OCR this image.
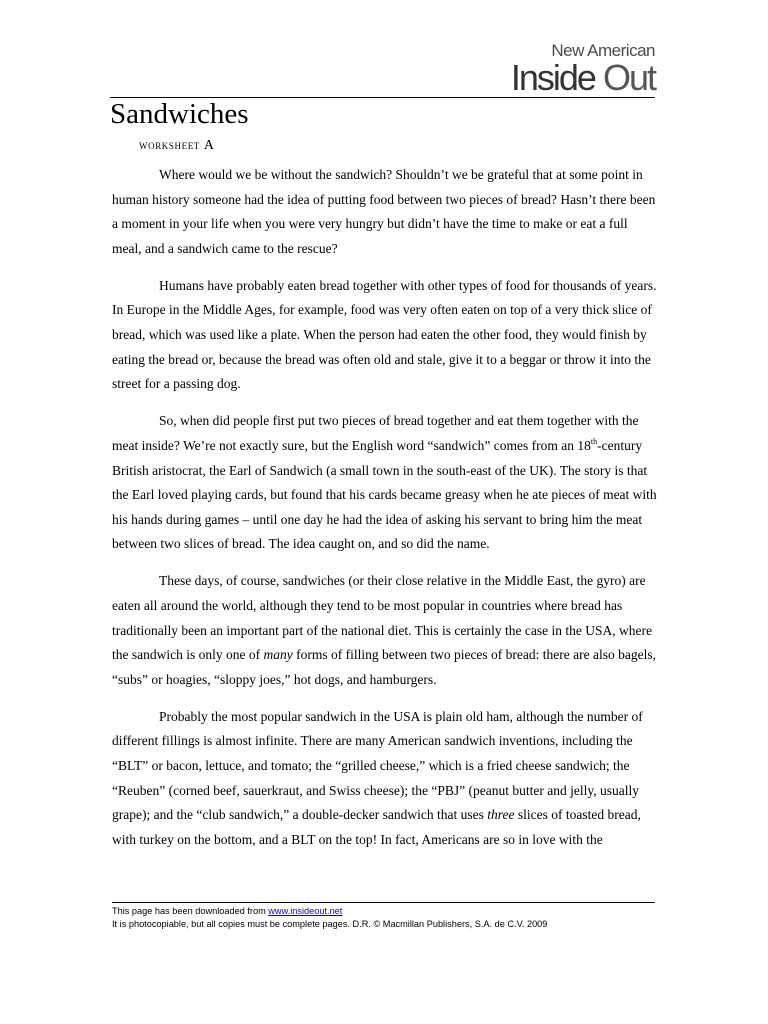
New American
Inside Out
Sandwiches
WORKSHEET A

Where would we be without the sandwich? Shouldn’t we be grateful that at some point in human history someone had the idea of putting food between two pieces of bread? Hasn’t there been a moment in your life when you were very hungry but didn’t have the time to make or eat a full meal, and a sandwich came to the rescue?

Humans have probably eaten bread together with other types of food for thousands of years. In Europe in the Middle Ages, for example, food was very often eaten on top of a very thick slice of bread, which was used like a plate. When the person had eaten the other food, they would finish by eating the bread or, because the bread was often old and stale, give it to a beggar or throw it into the street for a passing dog.

So, when did people first put two pieces of bread together and eat them together with the meat inside? We’re not exactly sure, but the English word “sandwich” comes from an 18th-century British aristocrat, the Earl of Sandwich (a small town in the south-east of the UK). The story is that the Earl loved playing cards, but found that his cards became greasy when he ate pieces of meat with his hands during games – until one day he had the idea of asking his servant to bring him the meat between two slices of bread. The idea caught on, and so did the name.

These days, of course, sandwiches (or their close relative in the Middle East, the gyro) are eaten all around the world, although they tend to be most popular in countries where bread has traditionally been an important part of the national diet. This is certainly the case in the USA, where the sandwich is only one of many forms of filling between two pieces of bread: there are also bagels, “subs” or hoagies, “sloppy joes,” hot dogs, and hamburgers.

Probably the most popular sandwich in the USA is plain old ham, although the number of different fillings is almost infinite. There are many American sandwich inventions, including the “BLT” or bacon, lettuce, and tomato; the “grilled cheese,” which is a fried cheese sandwich; the “Reuben” (corned beef, sauerkraut, and Swiss cheese); the “PBJ” (peanut butter and jelly, usually grape); and the “club sandwich,” a double-decker sandwich that uses three slices of toasted bread, with turkey on the bottom, and a BLT on the top! In fact, Americans are so in love with the

This page has been downloaded from www.insideout.net
It is photocopiable, but all copies must be complete pages. D.R. © Macmillan Publishers, S.A. de C.V. 2009
